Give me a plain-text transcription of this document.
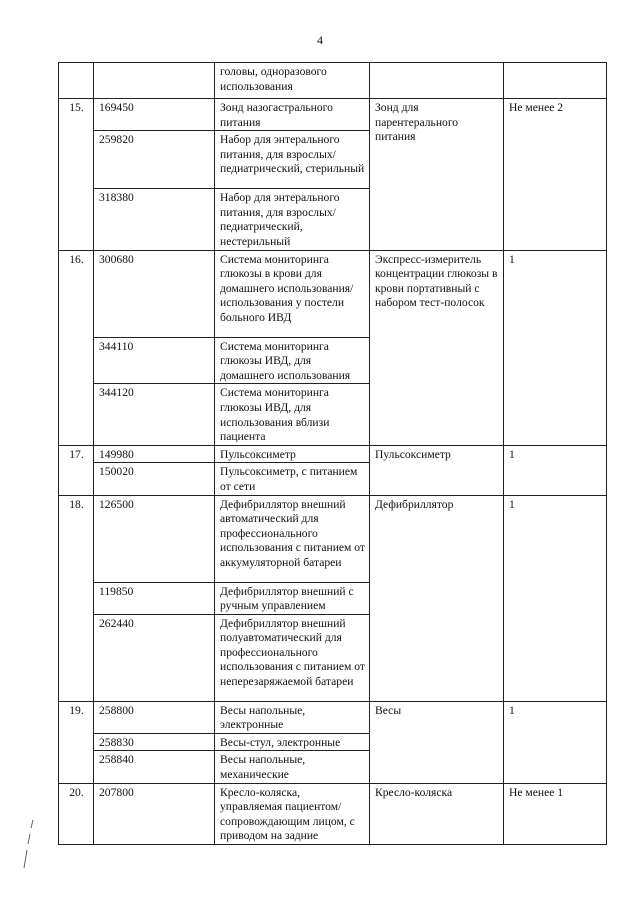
4
		головы, одноразового использования		
15.	169450	Зонд назогастрального питания	Зонд для парентерального питания	Не менее 2
	259820	Набор для энтерального питания, для взрослых/педиатрический, стерильный		
	318380	Набор для энтерального питания, для взрослых/педиатрический, нестерильный		
16.	300680	Система мониторинга глюкозы в крови для домашнего использования/ использования у постели больного ИВД	Экспресс-измеритель концентрации глюкозы в крови портативный с набором тест-полосок	1
	344110	Система мониторинга глюкозы ИВД, для домашнего использования		
	344120	Система мониторинга глюкозы ИВД, для использования вблизи пациента		
17.	149980	Пульсоксиметр	Пульсоксиметр	1
	150020	Пульсоксиметр, с питанием от сети		
18.	126500	Дефибриллятор внешний автоматический для профессионального использования с питанием от аккумуляторной батареи	Дефибриллятор	1
	119850	Дефибриллятор внешний с ручным управлением		
	262440	Дефибриллятор внешний полуавтоматический для профессионального использования с питанием от неперезаряжаемой батареи		
19.	258800	Весы напольные, электронные	Весы	1
	258830	Весы-стул, электронные		
	258840	Весы напольные, механические		
20.	207800	Кресло-коляска, управляемая пациентом/ сопровождающим лицом, с приводом на задние	Кресло-коляска	Не менее 1
